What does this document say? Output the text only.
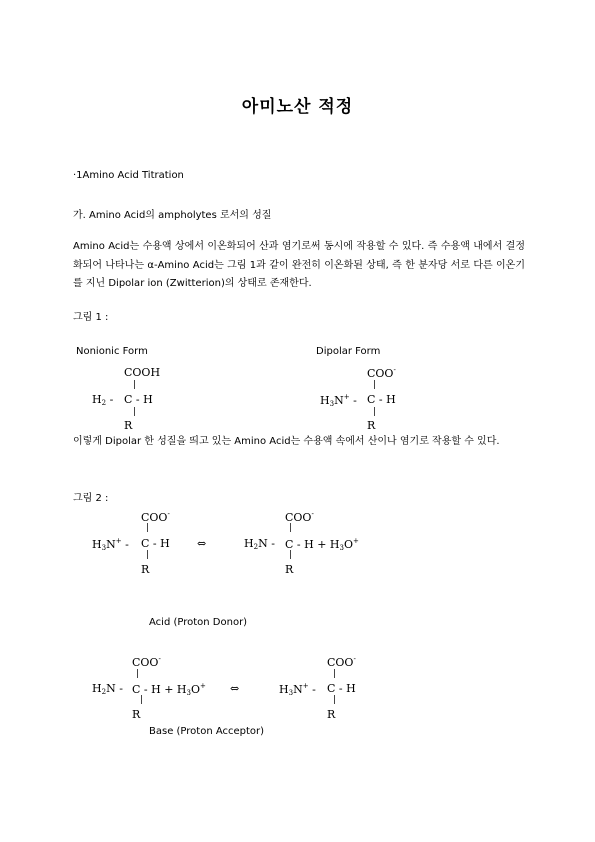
아미노산 적정
·1Amino Acid Titration
가. Amino Acid의 ampholytes 로서의 성질
Amino Acid는 수용액 상에서 이온화되어 산과 염기로써 동시에 작용할 수 있다. 즉 수용액 내에서 결정화되어 나타나는 α-Amino Acid는 그림 1과 같이 완전히 이온화된 상태, 즉 한 분자당 서로 다른 이온기를 지닌 Dipolar ion (Zwitterion)의 상태로 존재한다.
그림 1 :
Nonionic Form	Dipolar Form
COOH
|
$H_2$ - C - H
|
R
COO-
|
$H_3N^+$ - C - H
|
R
이렇게 Dipolar 한 성질을 띄고 있는 Amino Acid는 수용액 속에서 산이나 염기로 작용할 수 있다.
그림 2 :
COO-
|
$H_3N^+$ - C - H
|
R
⇔
COO-
|
$H_2N - C - H + H_3O^+$
|
R
Acid (Proton Donor)
COO-
|
$H_2N - C - H + H_3O^+$
|
R
⇔
COO-
|
$H_3N^+$ - C - H
|
R
Base (Proton Acceptor)
